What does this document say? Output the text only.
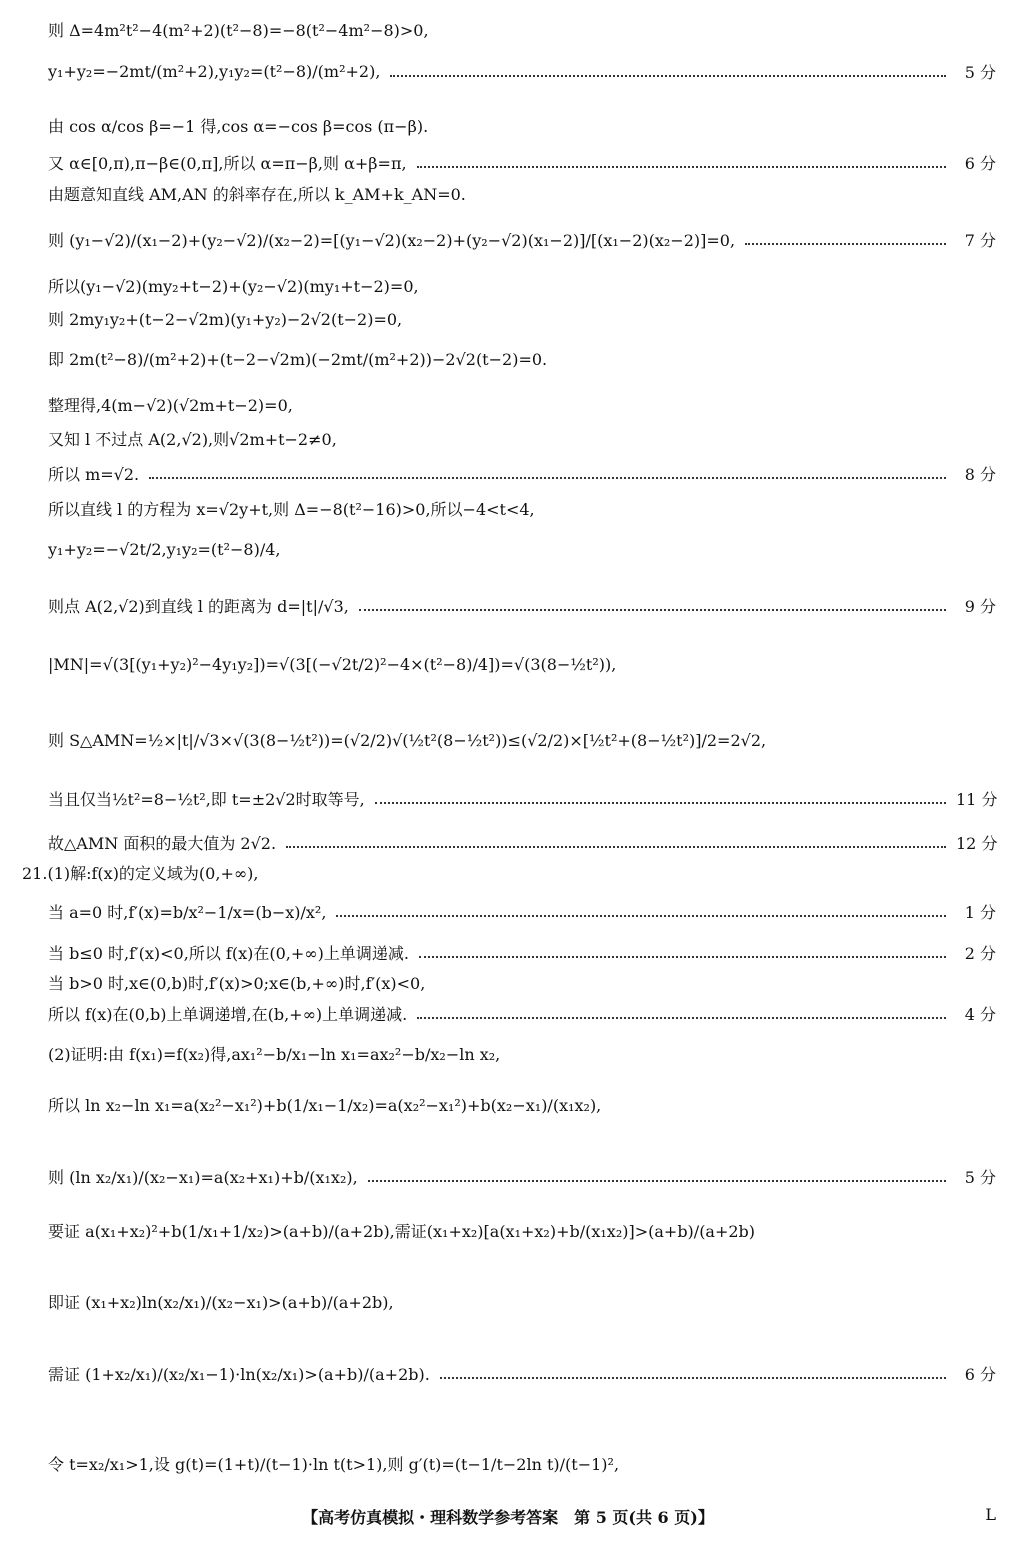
则 Δ=4m²t²−4(m²+2)(t²−8)=−8(t²−4m²−8)>0,
y₁+y₂=−2mt/(m²+2),y₁y₂=(t²−8)/(m²+2),	5 分
由 cos α/cos β=−1 得,cos α=−cos β=cos (π−β).
又 α∈[0,π),π−β∈(0,π],所以 α=π−β,则 α+β=π,	6 分
由题意知直线 AM,AN 的斜率存在,所以 k_AM+k_AN=0.
则 (y₁−√2)/(x₁−2)+(y₂−√2)/(x₂−2)=[(y₁−√2)(x₂−2)+(y₂−√2)(x₁−2)]/[(x₁−2)(x₂−2)]=0,	7 分
所以(y₁−√2)(my₂+t−2)+(y₂−√2)(my₁+t−2)=0,
则 2my₁y₂+(t−2−√2m)(y₁+y₂)−2√2(t−2)=0,
即 2m(t²−8)/(m²+2)+(t−2−√2m)(−2mt/(m²+2))−2√2(t−2)=0.
整理得,4(m−√2)(√2m+t−2)=0,
又知 l 不过点 A(2,√2),则√2m+t−2≠0,
所以 m=√2.	8 分
所以直线 l 的方程为 x=√2y+t,则 Δ=−8(t²−16)>0,所以−4<t<4,
y₁+y₂=−√2t/2,y₁y₂=(t²−8)/4,
则点 A(2,√2)到直线 l 的距离为 d=|t|/√3,	9 分
|MN|=√(3[(y₁+y₂)²−4y₁y₂])=√(3[(−√2t/2)²−4×(t²−8)/4])=√(3(8−½t²)),
则 S△AMN=½×|t|/√3×√(3(8−½t²))=(√2/2)√(½t²(8−½t²))≤(√2/2)×[½t²+(8−½t²)]/2=2√2,
当且仅当½t²=8−½t²,即 t=±2√2时取等号,	11 分
故△AMN 面积的最大值为 2√2.	12 分
21.(1)解:f(x)的定义域为(0,+∞),
当 a=0 时,f′(x)=b/x²−1/x=(b−x)/x²,	1 分
当 b≤0 时,f′(x)<0,所以 f(x)在(0,+∞)上单调递减.	2 分
当 b>0 时,x∈(0,b)时,f′(x)>0;x∈(b,+∞)时,f′(x)<0,
所以 f(x)在(0,b)上单调递增,在(b,+∞)上单调递减.	4 分
(2)证明:由 f(x₁)=f(x₂)得,ax₁²−b/x₁−ln x₁=ax₂²−b/x₂−ln x₂,
所以 ln x₂−ln x₁=a(x₂²−x₁²)+b(1/x₁−1/x₂)=a(x₂²−x₁²)+b(x₂−x₁)/(x₁x₂),
则 (ln x₂/x₁)/(x₂−x₁)=a(x₂+x₁)+b/(x₁x₂),	5 分
要证 a(x₁+x₂)²+b(1/x₁+1/x₂)>(a+b)/(a+2b),需证(x₁+x₂)[a(x₁+x₂)+b/(x₁x₂)]>(a+b)/(a+2b)
即证 (x₁+x₂)ln(x₂/x₁)/(x₂−x₁)>(a+b)/(a+2b),
需证 (1+x₂/x₁)/(x₂/x₁−1)·ln(x₂/x₁)>(a+b)/(a+2b).	6 分
令 t=x₂/x₁>1,设 g(t)=(1+t)/(t−1)·ln t(t>1),则 g′(t)=(t−1/t−2ln t)/(t−1)²,
【高考仿真模拟・理科数学参考答案　第 5 页(共 6 页)】	L
